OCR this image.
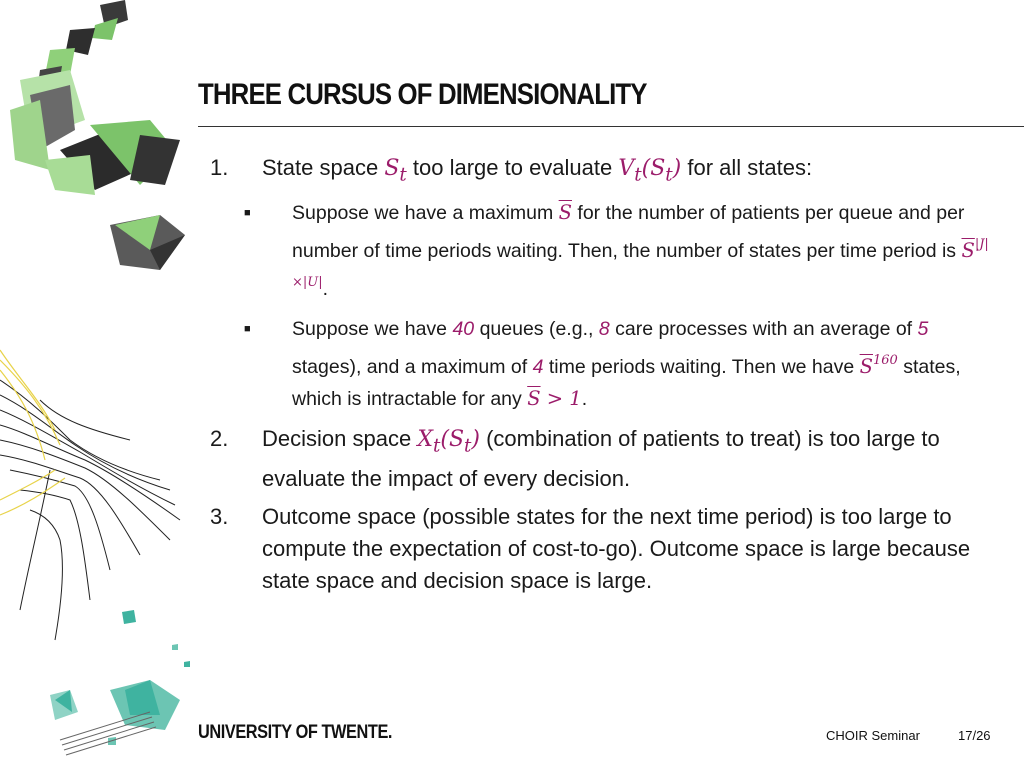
THREE CURSUS OF DIMENSIONALITY
1.	State space $S_t$ too large to evaluate $V_t(S_t)$ for all states:
■ Suppose we have a maximum $\overline{S}$ for the number of patients per queue and per number of time periods waiting. Then, the number of states per time period is $\overline{S}^{|J|\times|U|}$.
■ Suppose we have 40 queues (e.g., 8 care processes with an average of 5 stages), and a maximum of 4 time periods waiting. Then we have $\overline{S}^{160}$ states, which is intractable for any $\overline{S} > 1$.
2.	Decision space $X_t(S_t)$ (combination of patients to treat) is too large to evaluate the impact of every decision.
3.	Outcome space (possible states for the next time period) is too large to compute the expectation of cost-to-go). Outcome space is large because state space and decision space is large.
UNIVERSITY OF TWENTE.	CHOIR Seminar	17/26
